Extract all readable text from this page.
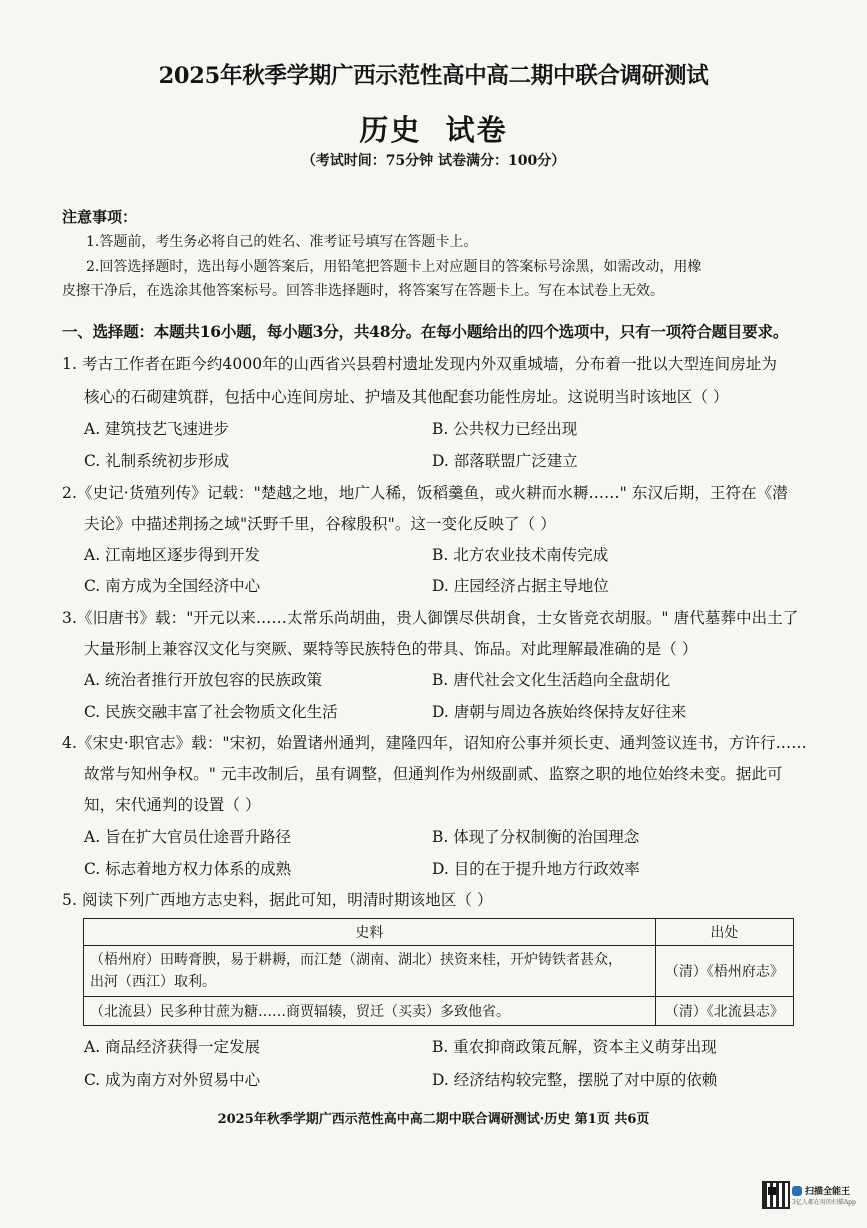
2025年秋季学期广西示范性高中高二期中联合调研测试
历史  试卷
（考试时间：75分钟 试卷满分：100分）
注意事项：
1.答题前，考生务必将自己的姓名、准考证号填写在答题卡上。
2.回答选择题时，选出每小题答案后，用铅笔把答题卡上对应题目的答案标号涂黑，如需改动，用橡
皮擦干净后，在选涂其他答案标号。回答非选择题时，将答案写在答题卡上。写在本试卷上无效。
一、选择题：本题共16小题，每小题3分，共48分。在每小题给出的四个选项中，只有一项符合题目要求。
1. 考古工作者在距今约4000年的山西省兴县碧村遗址发现内外双重城墙，分布着一批以大型连间房址为
核心的石砌建筑群，包括中心连间房址、护墙及其他配套功能性房址。这说明当时该地区（ ）
A. 建筑技艺飞速进步	B. 公共权力已经出现
C. 礼制系统初步形成	D. 部落联盟广泛建立
2.《史记·货殖列传》记载："楚越之地，地广人稀，饭稻羹鱼，或火耕而水耨……" 东汉后期，王符在《潜
夫论》中描述荆扬之域"沃野千里，谷稼殷积"。这一变化反映了（ ）
A. 江南地区逐步得到开发	B. 北方农业技术南传完成
C. 南方成为全国经济中心	D. 庄园经济占据主导地位
3.《旧唐书》载："开元以来……太常乐尚胡曲，贵人御馔尽供胡食，士女皆竞衣胡服。" 唐代墓葬中出土了
大量形制上兼容汉文化与突厥、粟特等民族特色的带具、饰品。对此理解最准确的是（ ）
A. 统治者推行开放包容的民族政策	B. 唐代社会文化生活趋向全盘胡化
C. 民族交融丰富了社会物质文化生活	D. 唐朝与周边各族始终保持友好往来
4.《宋史·职官志》载："宋初，始置诸州通判，建隆四年，诏知府公事并须长吏、通判签议连书，方许行……
故常与知州争权。" 元丰改制后，虽有调整，但通判作为州级副贰、监察之职的地位始终未变。据此可
知，宋代通判的设置（ ）
A. 旨在扩大官员仕途晋升路径	B. 体现了分权制衡的治国理念
C. 标志着地方权力体系的成熟	D. 目的在于提升地方行政效率
5. 阅读下列广西地方志史料，据此可知，明清时期该地区（ ）
史料	出处

（梧州府）田畴膏腴，易于耕耨，而江楚（湖南、湖北）挟资来桂，开炉铸铁者甚众，
出河（西江）取利。	（清）《梧州府志》
（北流县）民多种甘蔗为糖……商贾辐辏，贸迁（买卖）多致他省。	（清）《北流县志》
A. 商品经济获得一定发展	B. 重农抑商政策瓦解，资本主义萌芽出现
C. 成为南方对外贸易中心	D. 经济结构较完整，摆脱了对中原的依赖
2025年秋季学期广西示范性高中高二期中联合调研测试·历史 第1页 共6页
扫描全能王
3亿人都在用的扫描App
